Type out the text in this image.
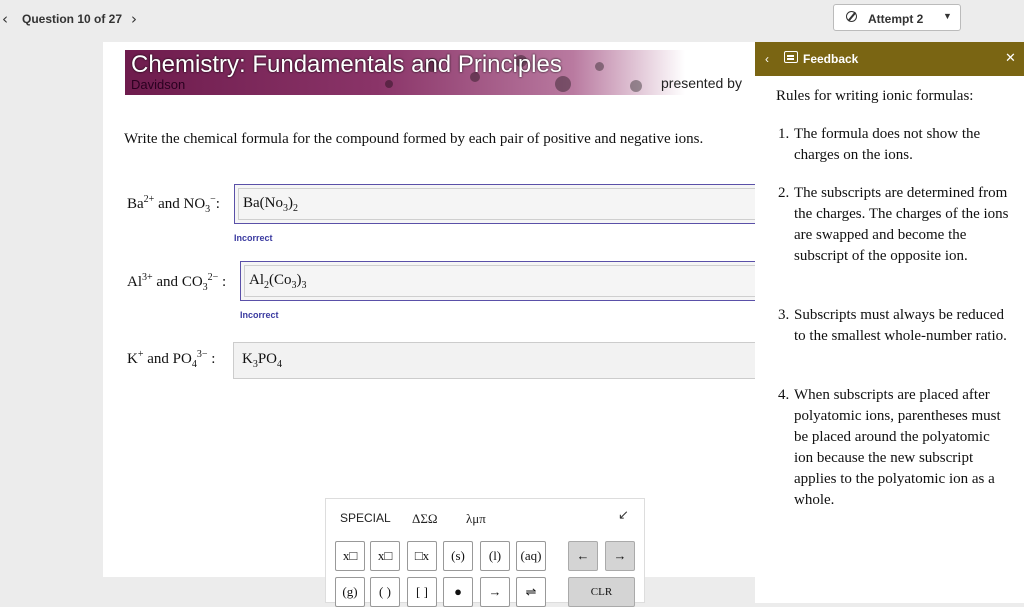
‹ Question 10 of 27 ›	Attempt 2 ▼
Chemistry: Fundamentals and Principles
Davidson	presented by
Write the chemical formula for the compound formed by each pair of positive and negative ions.
$Ba^{2+}$ and $NO_3^-$:	$Ba(No_3)_2$
Incorrect
$Al^{3+}$ and $CO_3^{2-}$ :	$Al_2(Co_3)_3$
Incorrect
K+ and $PO_4^{3-}$ :	$K_3PO_4$
SPECIAL ΔΣΩ λμπ	↙
x□	x□	□x	(s)	(l)	(aq)	←	→
(g)	( )	[ ]	●	→	⇌	CLR
‹	Feedback	✕
Rules for writing ionic formulas:
1. The formula does not show the charges on the ions.
2. The subscripts are determined from the charges. The charges of the ions are swapped and become the subscript of the opposite ion.
3. Subscripts must always be reduced to the smallest whole-number ratio.
4. When subscripts are placed after polyatomic ions, parentheses must be placed around the polyatomic ion because the new subscript applies to the polyatomic ion as a whole.
